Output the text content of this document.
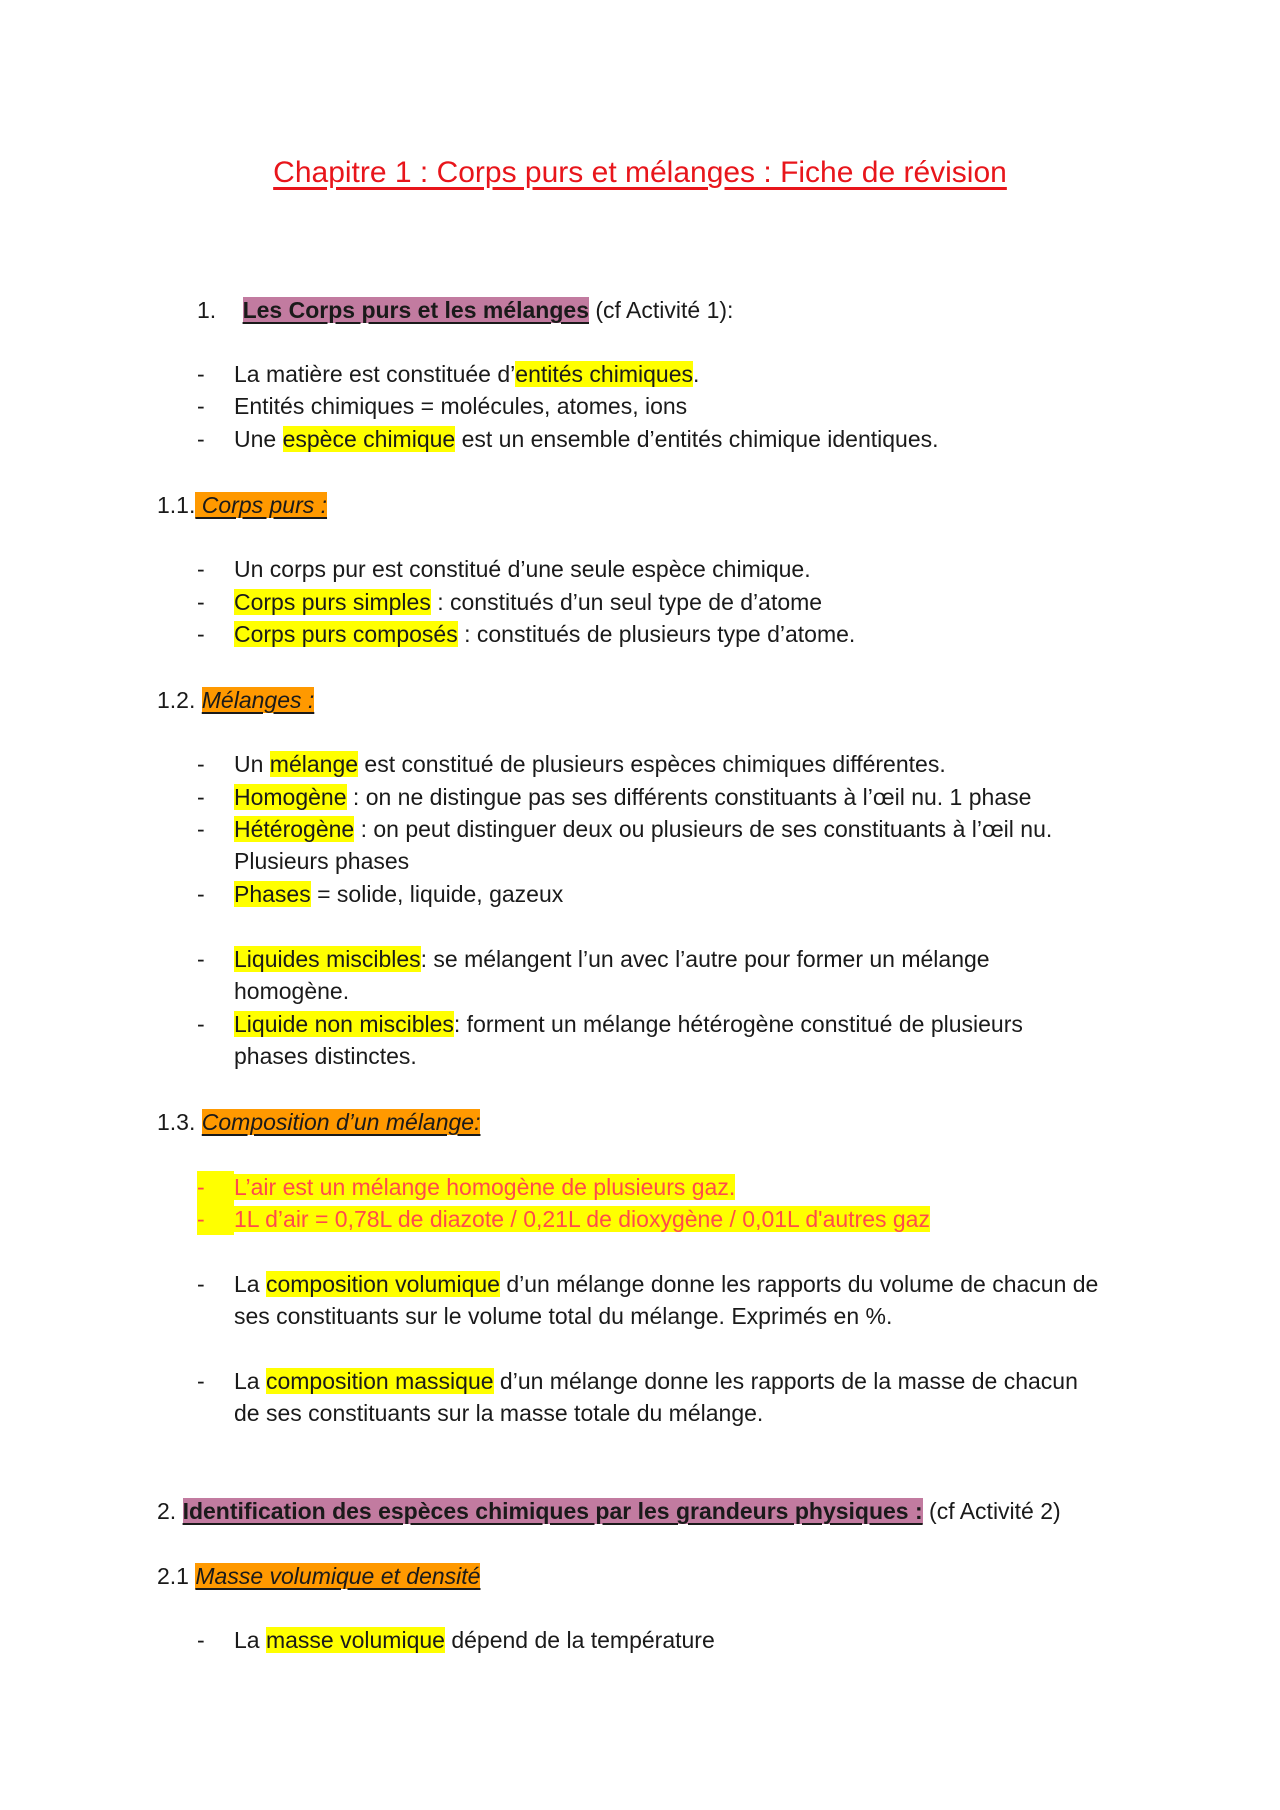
Chapitre 1 : Corps purs et mélanges : Fiche de révision
1. Les Corps purs et les mélanges (cf Activité 1):
- La matière est constituée d’entités chimiques.
- Entités chimiques = molécules, atomes, ions
- Une espèce chimique est un ensemble d’entités chimique identiques.
1.1. Corps purs :
- Un corps pur est constitué d’une seule espèce chimique.
- Corps purs simples : constitués d’un seul type de d’atome
- Corps purs composés : constitués de plusieurs type d’atome.
1.2. Mélanges :
- Un mélange est constitué de plusieurs espèces chimiques différentes.
- Homogène : on ne distingue pas ses différents constituants à l’œil nu. 1 phase
- Hétérogène : on peut distinguer deux ou plusieurs de ses constituants à l’œil nu.
Plusieurs phases
- Phases = solide, liquide, gazeux
- Liquides miscibles: se mélangent l’un avec l’autre pour former un mélange
homogène.
- Liquide non miscibles: forment un mélange hétérogène constitué de plusieurs
phases distinctes.
1.3. Composition d’un mélange:
- L’air est un mélange homogène de plusieurs gaz.
- 1L d’air = 0,78L de diazote / 0,21L de dioxygène / 0,01L d'autres gaz
- La composition volumique d’un mélange donne les rapports du volume de chacun de
ses constituants sur le volume total du mélange. Exprimés en %.
- La composition massique d’un mélange donne les rapports de la masse de chacun
de ses constituants sur la masse totale du mélange.
2. Identification des espèces chimiques par les grandeurs physiques : (cf Activité 2)
2.1 Masse volumique et densité
- La masse volumique dépend de la température
